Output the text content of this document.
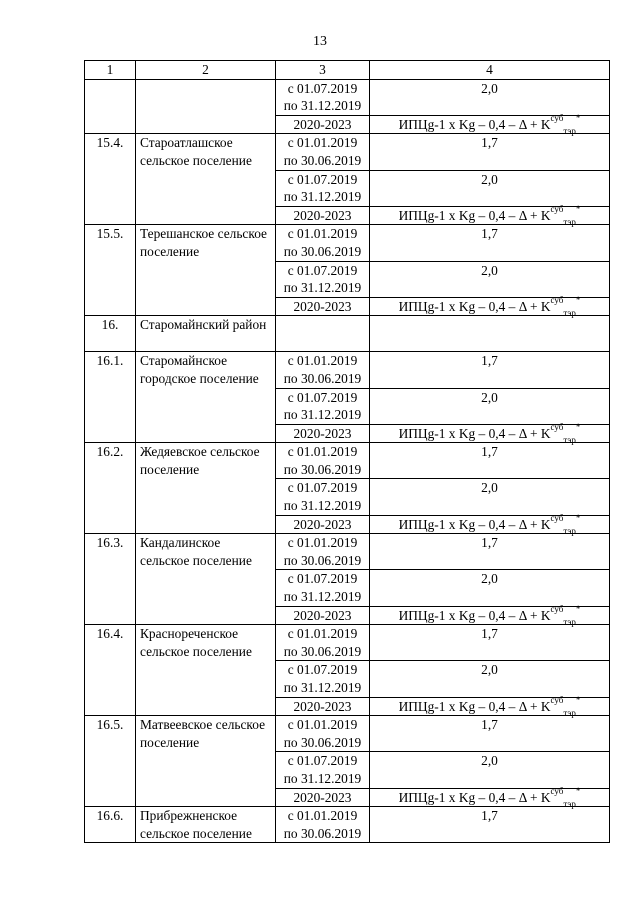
13
1	2	3	4
		с 01.07.2019 по 31.12.2019	2,0
		2020-2023	ИПЦg-1 x $Kg - 0,4 - \Delta + K^{суб}_{тэр}^*$
15.4.	Староатлашское сельское поселение	с 01.01.2019 по 30.06.2019	1,7
		с 01.07.2019 по 31.12.2019	2,0
		2020-2023	ИПЦg-1 x $Kg - 0,4 - \Delta + K^{суб}_{тэр}^*$
15.5.	Терешанское сельское поселение	с 01.01.2019 по 30.06.2019	1,7
		с 01.07.2019 по 31.12.2019	2,0
		2020-2023	ИПЦg-1 x $Kg - 0,4 - \Delta + K^{суб}_{тэр}^*$
16.	Старомайнский район		
16.1.	Старомайнское городское поселение	с 01.01.2019 по 30.06.2019	1,7
		с 01.07.2019 по 31.12.2019	2,0
		2020-2023	ИПЦg-1 x $Kg - 0,4 - \Delta + K^{суб}_{тэр}^*$
16.2.	Жедяевское сельское поселение	с 01.01.2019 по 30.06.2019	1,7
		с 01.07.2019 по 31.12.2019	2,0
		2020-2023	ИПЦg-1 x $Kg - 0,4 - \Delta + K^{суб}_{тэр}^*$
16.3.	Кандалинское сельское поселение	с 01.01.2019 по 30.06.2019	1,7
		с 01.07.2019 по 31.12.2019	2,0
		2020-2023	ИПЦg-1 x $Kg - 0,4 - \Delta + K^{суб}_{тэр}^*$
16.4.	Краснореченское сельское поселение	с 01.01.2019 по 30.06.2019	1,7
		с 01.07.2019 по 31.12.2019	2,0
		2020-2023	ИПЦg-1 x $Kg - 0,4 - \Delta + K^{суб}_{тэр}^*$
16.5.	Матвеевское сельское поселение	с 01.01.2019 по 30.06.2019	1,7
		с 01.07.2019 по 31.12.2019	2,0
		2020-2023	ИПЦg-1 x $Kg - 0,4 - \Delta + K^{суб}_{тэр}^*$
16.6.	Прибрежненское сельское поселение	с 01.01.2019 по 30.06.2019	1,7
